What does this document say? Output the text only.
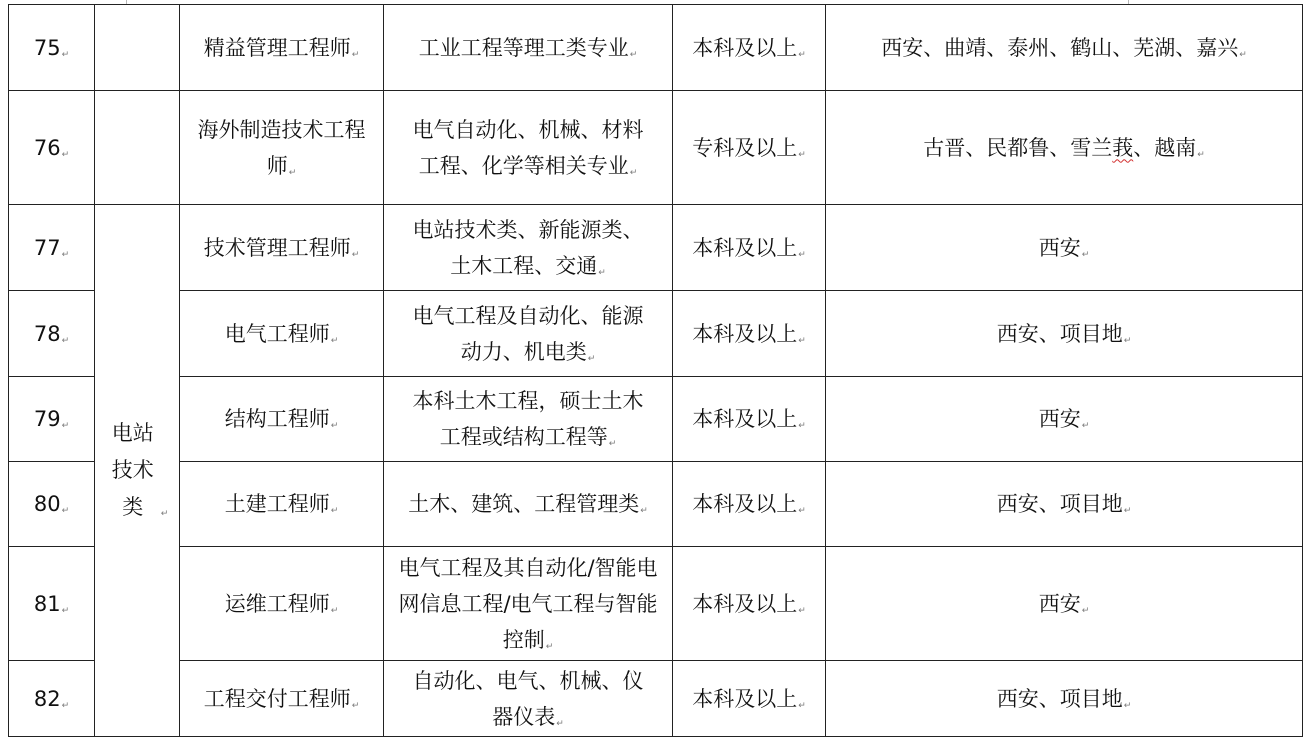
75↵		精益管理工程师↵	工业工程等理工类专业↵	本科及以上↵	西安、曲靖、泰州、鹤山、芜湖、嘉兴↵
76↵		海外制造技术工程师↵	电气自动化、机械、材料工程、化学等相关专业↵	专科及以上↵	古晋、民都鲁、雪兰莪、越南↵
77↵	电站技术类 ↵	技术管理工程师↵	电站技术类、新能源类、土木工程、交通↵	本科及以上↵	西安↵
78↵		电气工程师↵	电气工程及自动化、能源动力、机电类↵	本科及以上↵	西安、项目地↵
79↵		结构工程师↵	本科土木工程，硕士土木工程或结构工程等↵	本科及以上↵	西安↵
80↵		土建工程师↵	土木、建筑、工程管理类↵	本科及以上↵	西安、项目地↵
81↵		运维工程师↵	电气工程及其自动化/智能电网信息工程/电气工程与智能控制↵	本科及以上↵	西安↵
82↵		工程交付工程师↵	自动化、电气、机械、仪器仪表↵	本科及以上↵	西安、项目地↵
